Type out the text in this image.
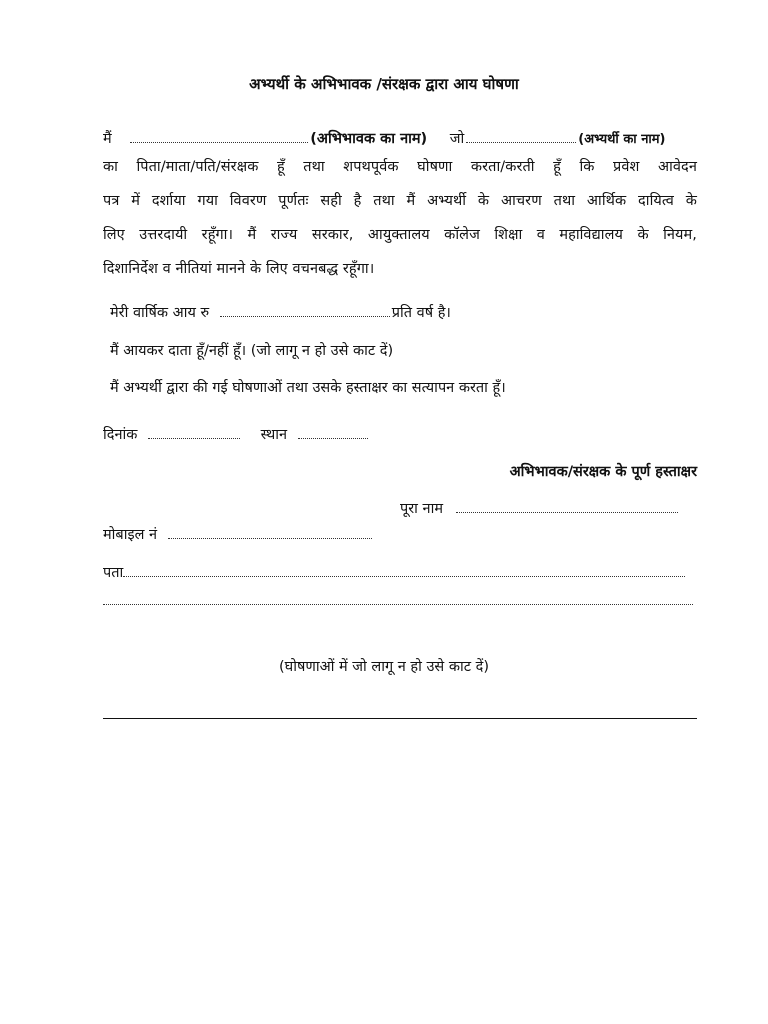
अभ्यर्थी के अभिभावक /संरक्षक द्वारा आय घोषणा
मैं	(अभिभावक का नाम) जो	(अभ्यर्थी का नाम)
का पिता/माता/पति/संरक्षक हूँ तथा शपथपूर्वक घोषणा करता/करती हूँ कि प्रवेश आवेदन
पत्र में दर्शाया गया विवरण पूर्णतः सही है तथा मैं अभ्यर्थी के आचरण तथा आर्थिक दायित्व के
लिए उत्तरदायी रहूँगा। मैं राज्य सरकार, आयुक्तालय कॉलेज शिक्षा व महाविद्यालय के नियम,
दिशानिर्देश व नीतियां मानने के लिए वचनबद्ध रहूँगा।
मेरी वार्षिक आय रु	प्रति वर्ष है।
मैं आयकर दाता हूँ/नहीं हूँ। (जो लागू न हो उसे काट दें)
मैं अभ्यर्थी द्वारा की गई घोषणाओं तथा उसके हस्ताक्षर का सत्यापन करता हूँ।
दिनांक	स्थान
अभिभावक/संरक्षक के पूर्ण हस्ताक्षर
पूरा नाम
मोबाइल नं
पता
(घोषणाओं में जो लागू न हो उसे काट दें)
